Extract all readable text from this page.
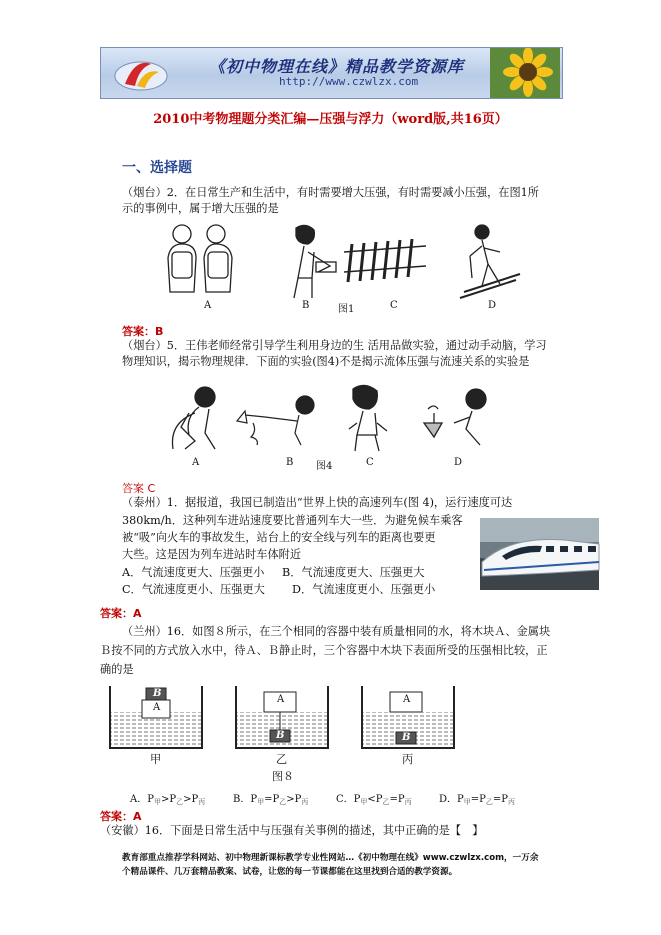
《初中物理在线》精品教学资源库
http://www.czwlzx.com
2010中考物理题分类汇编—压强与浮力（word版,共16页）
一、选择题
（烟台）2．在日常生产和生活中，有时需要增大压强，有时需要减小压强，在图1所
示的事例中，属于增大压强的是
A	B	图1	C	D
答案：B
（烟台）5．王伟老师经常引导学生利用身边的生 活用品做实验，通过动手动脑，学习
物理知识，揭示物理规律．下面的实验(图4)不是揭示流体压强与流速关系的实验是
A	B 图4	C	D
答案 C
（泰州）1．据报道，我国已制造出“世界上快的高速列车(图 4)，运行速度可达
380km/h．这种列车进站速度要比普通列车大一些．为避免候车乘客
被“吸”向火车的事故发生，站台上的安全线与列车的距离也要更
大些。这是因为列车进站时车体附近
A．气流速度更大、压强更小 B．气流速度更大、压强更大
C．气流速度更小、压强更大 D．气流速度更小、压强更小
答案：A
（兰州）16．如图８所示，在三个相同的容器中装有质量相同的水，将木块Ａ、金属块
Ｂ按不同的方式放入水中，待Ａ、Ｂ静止时，三个容器中木块下表面所受的压强相比较，正
确的是
A
B
A
B
A
B
甲	乙	丙
图８
A．$P_甲>P_乙>P_丙$	B．$P_甲=P_乙>P_丙$	C．$P_甲<P_乙=P_丙$	D．$P_甲=P_乙=P_丙$
答案：A
（安徽）16．下面是日常生活中与压强有关事例的描述，其中正确的是【　】
教育部重点推荐学科网站、初中物理新课标教学专业性网站…《初中物理在线》www.czwlzx.com，一万余
个精品课件、几万套精品教案、试卷，让您的每一节课都能在这里找到合适的教学资源。
